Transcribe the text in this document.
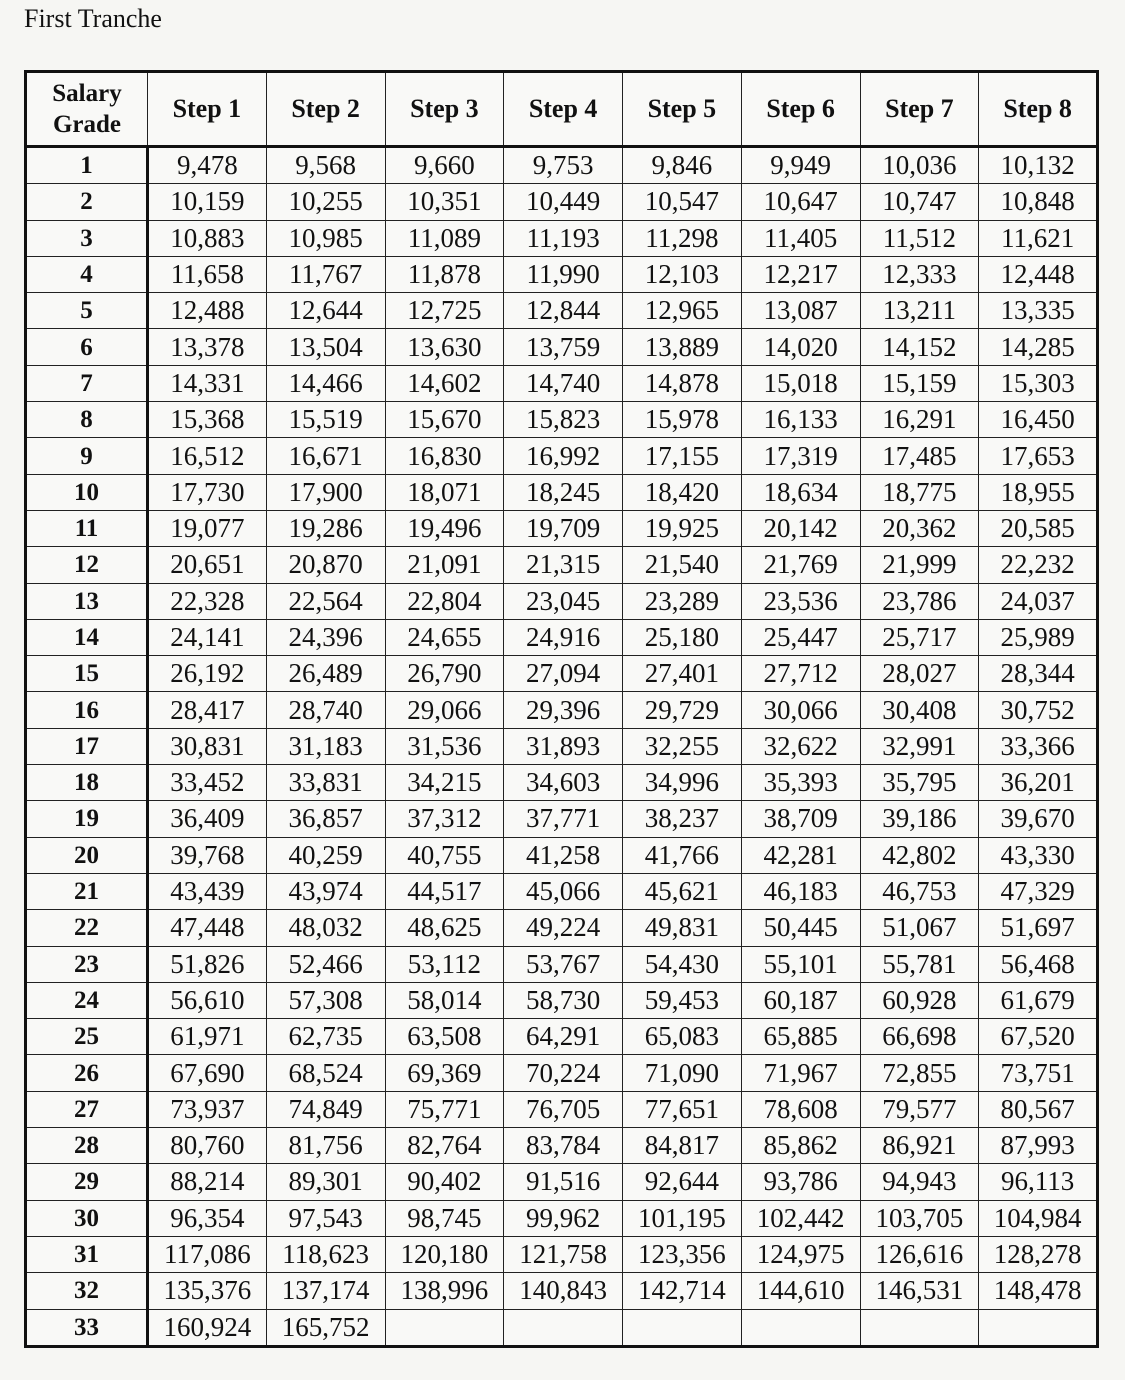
First Tranche
Salary Grade	Step 1	Step 2	Step 3	Step 4	Step 5	Step 6	Step 7	Step 8
1	9,478	9,568	9,660	9,753	9,846	9,949	10,036	10,132
2	10,159	10,255	10,351	10,449	10,547	10,647	10,747	10,848
3	10,883	10,985	11,089	11,193	11,298	11,405	11,512	11,621
4	11,658	11,767	11,878	11,990	12,103	12,217	12,333	12,448
5	12,488	12,644	12,725	12,844	12,965	13,087	13,211	13,335
6	13,378	13,504	13,630	13,759	13,889	14,020	14,152	14,285
7	14,331	14,466	14,602	14,740	14,878	15,018	15,159	15,303
8	15,368	15,519	15,670	15,823	15,978	16,133	16,291	16,450
9	16,512	16,671	16,830	16,992	17,155	17,319	17,485	17,653
10	17,730	17,900	18,071	18,245	18,420	18,634	18,775	18,955
11	19,077	19,286	19,496	19,709	19,925	20,142	20,362	20,585
12	20,651	20,870	21,091	21,315	21,540	21,769	21,999	22,232
13	22,328	22,564	22,804	23,045	23,289	23,536	23,786	24,037
14	24,141	24,396	24,655	24,916	25,180	25,447	25,717	25,989
15	26,192	26,489	26,790	27,094	27,401	27,712	28,027	28,344
16	28,417	28,740	29,066	29,396	29,729	30,066	30,408	30,752
17	30,831	31,183	31,536	31,893	32,255	32,622	32,991	33,366
18	33,452	33,831	34,215	34,603	34,996	35,393	35,795	36,201
19	36,409	36,857	37,312	37,771	38,237	38,709	39,186	39,670
20	39,768	40,259	40,755	41,258	41,766	42,281	42,802	43,330
21	43,439	43,974	44,517	45,066	45,621	46,183	46,753	47,329
22	47,448	48,032	48,625	49,224	49,831	50,445	51,067	51,697
23	51,826	52,466	53,112	53,767	54,430	55,101	55,781	56,468
24	56,610	57,308	58,014	58,730	59,453	60,187	60,928	61,679
25	61,971	62,735	63,508	64,291	65,083	65,885	66,698	67,520
26	67,690	68,524	69,369	70,224	71,090	71,967	72,855	73,751
27	73,937	74,849	75,771	76,705	77,651	78,608	79,577	80,567
28	80,760	81,756	82,764	83,784	84,817	85,862	86,921	87,993
29	88,214	89,301	90,402	91,516	92,644	93,786	94,943	96,113
30	96,354	97,543	98,745	99,962	101,195	102,442	103,705	104,984
31	117,086	118,623	120,180	121,758	123,356	124,975	126,616	128,278
32	135,376	137,174	138,996	140,843	142,714	144,610	146,531	148,478
33	160,924	165,752						
